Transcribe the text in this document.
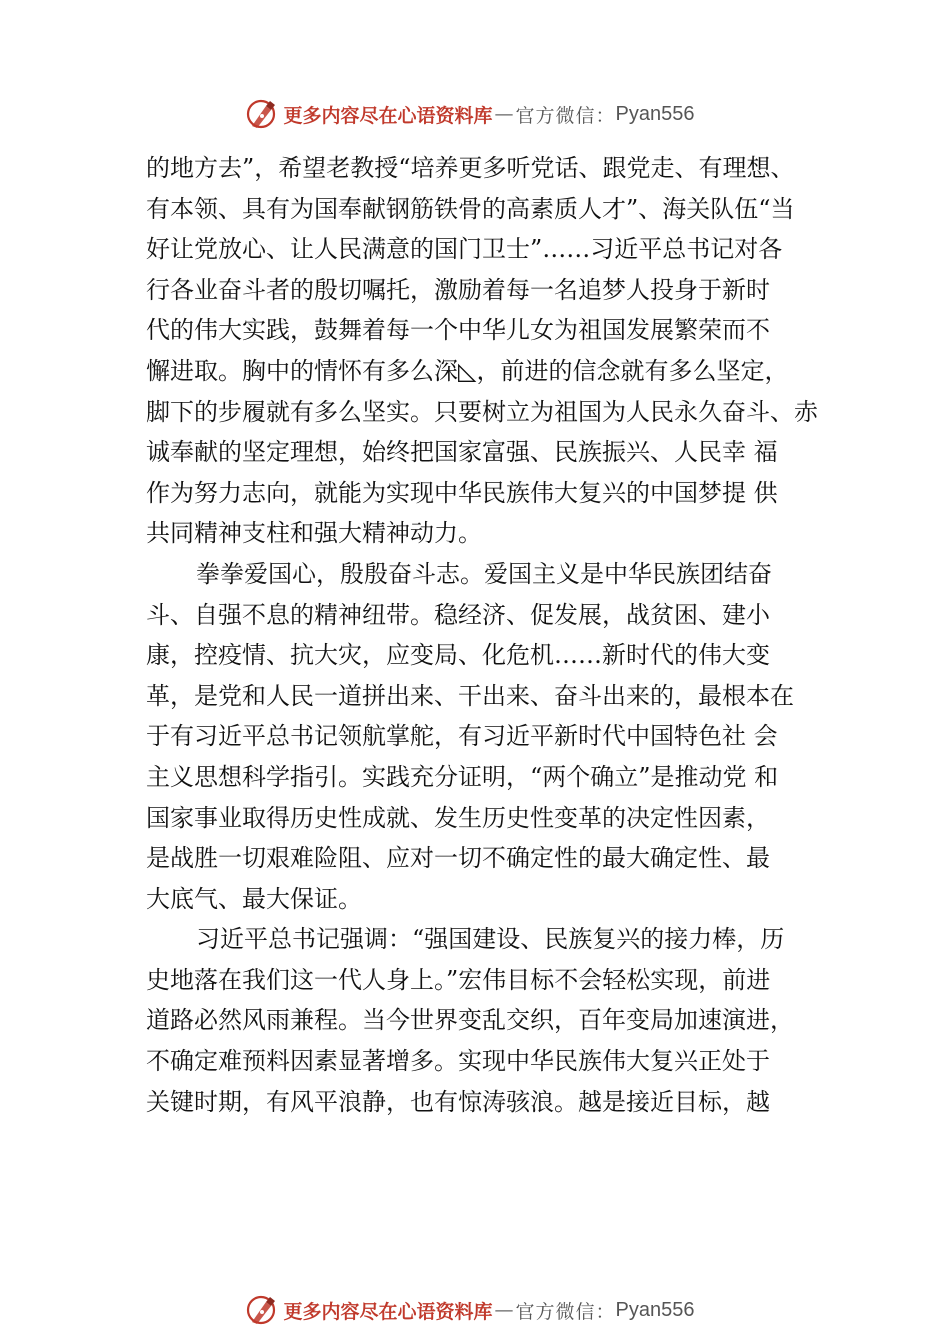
更多内容尽在心语资料库 — 官方微信： Pyan556
的地方去”，希望老教授“培养更多听党话、跟党走、有理想、
有本领、具有为国奉献钢筋铁骨的高素质人才”、海关队伍“当
好让党放心、让人民满意的国门卫士”……习近平总书记对各
行各业奋斗者的殷切嘱托，激励着每一名追梦人投身于新时
代的伟大实践，鼓舞着每一个中华儿女为祖国发展繁荣而不
懈进取。胸中的情怀有多么深◺，前进的信念就有多么坚定，
脚下的步履就有多么坚实。只要树立为祖国为人民永久奋斗、赤
诚奉献的坚定理想，始终把国家富强、民族振兴、人民幸 福
作为努力志向，就能为实现中华民族伟大复兴的中国梦提 供
共同精神支柱和强大精神动力。
拳拳爱国心，殷殷奋斗志。爱国主义是中华民族团结奋
斗、自强不息的精神纽带。稳经济、促发展，战贫困、建小
康，控疫情、抗大灾，应变局、化危机……新时代的伟大变
革，是党和人民一道拼出来、干出来、奋斗出来的，最根本在
于有习近平总书记领航掌舵，有习近平新时代中国特色社 会
主义思想科学指引。实践充分证明，“两个确立”是推动党 和
国家事业取得历史性成就、发生历史性变革的决定性因素，
是战胜一切艰难险阻、应对一切不确定性的最大确定性、最
大底气、最大保证。
习近平总书记强调：“强国建设、民族复兴的接力棒，历
史地落在我们这一代人身上。”宏伟目标不会轻松实现，前进
道路必然风雨兼程。当今世界变乱交织，百年变局加速演进，
不确定难预料因素显著增多。实现中华民族伟大复兴正处于
关键时期，有风平浪静，也有惊涛骇浪。越是接近目标，越
更多内容尽在心语资料库 — 官方微信： Pyan556
